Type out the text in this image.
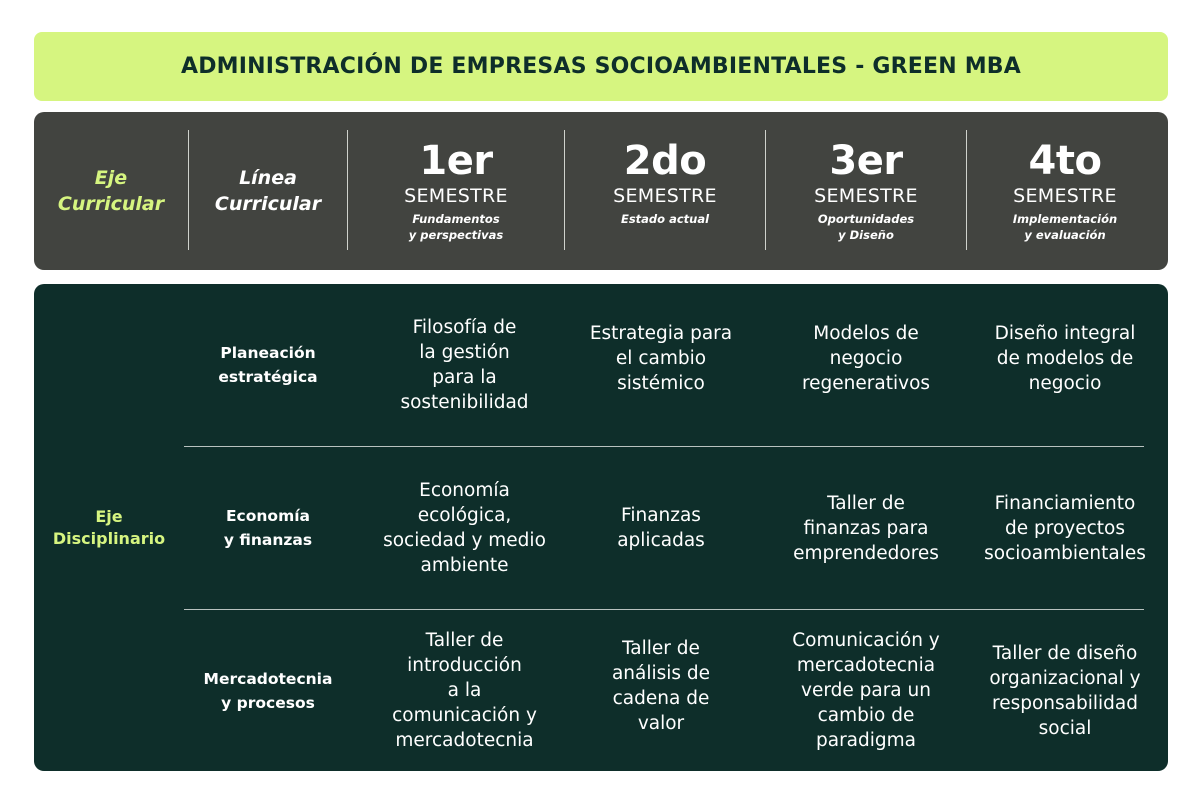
ADMINISTRACIÓN DE EMPRESAS SOCIOAMBIENTALES - GREEN MBA
Eje
Curricular
Línea
Curricular
1er
SEMESTRE
Fundamentos
y perspectivas
2do
SEMESTRE
Estado actual

3er
SEMESTRE
Oportunidades
y Diseño
4to
SEMESTRE
Implementación
y evaluación
Eje
Disciplinario
Planeación
estratégica
Filosofía de
la gestión
para la
sostenibilidad
Estrategia para
el cambio
sistémico
Modelos de
negocio
regenerativos
Diseño integral
de modelos de
negocio
Economía
y finanzas
Economía
ecológica,
sociedad y medio
ambiente
Finanzas
aplicadas
Taller de
finanzas para
emprendedores
Financiamiento
de proyectos
socioambientales
Mercadotecnia
y procesos
Taller de
introducción
a la
comunicación y
mercadotecnia
Taller de
análisis de
cadena de
valor
Comunicación y
mercadotecnia
verde para un
cambio de
paradigma
Taller de diseño
organizacional y
responsabilidad
social
